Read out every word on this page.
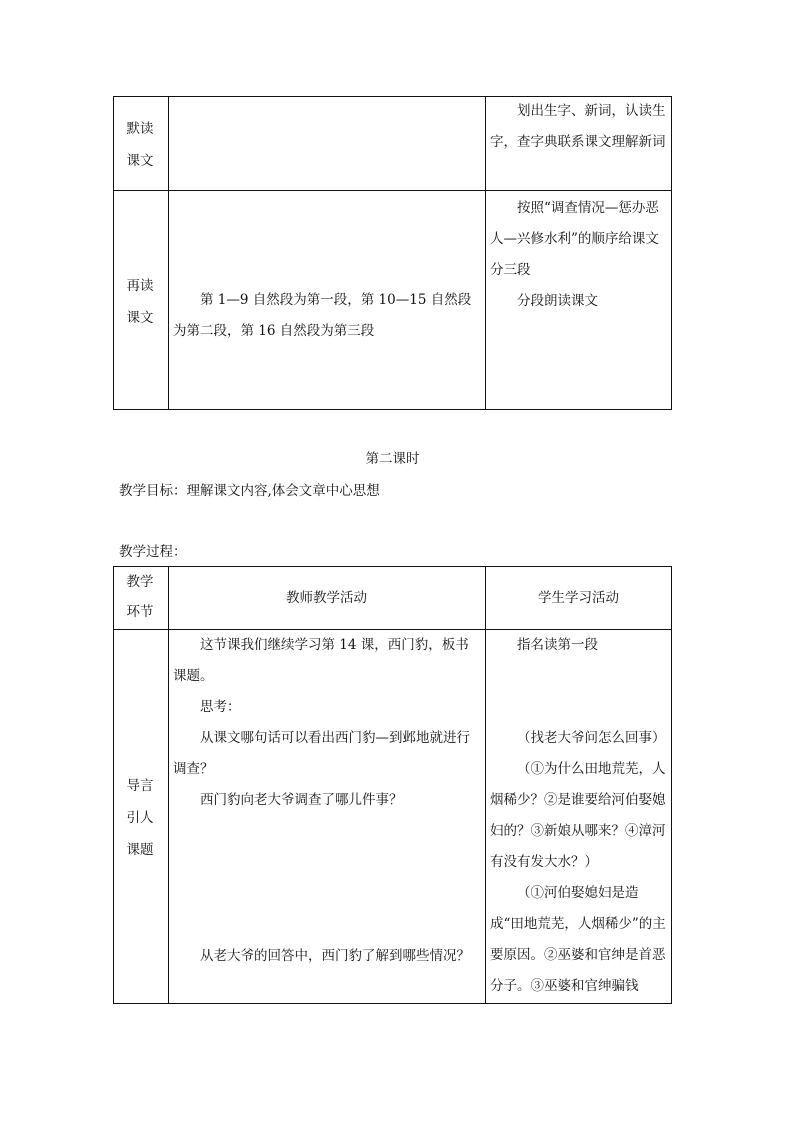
默读
课文
划出生字、新词，认读生字，查字典联系课文理解新词
再读
课文
第 1—9 自然段为第一段，第 10—15 自然段为第二段，第 16 自然段为第三段
按照“调查情况—惩办恶人—兴修水利”的顺序给课文分三段
分段朗读课文
第二课时
教学目标：理解课文内容,体会文章中心思想
教学过程：
教学
环节
教师教学活动	学生学习活动
导言
引人
课题
这节课我们继续学习第 14 课，西门豹，板书课题。
思考：
从课文哪句话可以看出西门豹—到邺地就进行调查？
西门豹向老大爷调查了哪儿件事？
从老大爷的回答中，西门豹了解到哪些情况？
指名读第一段
（找老大爷问怎么回事）
（①为什么田地荒芜，人烟稀少？②是谁要给河伯娶媳妇的？③新娘从哪来？④漳河有没有发大水？）
（①河伯娶媳妇是造成“田地荒芜，人烟稀少”的主要原因。②巫婆和官绅是首恶分子。③巫婆和官绅骗钱
